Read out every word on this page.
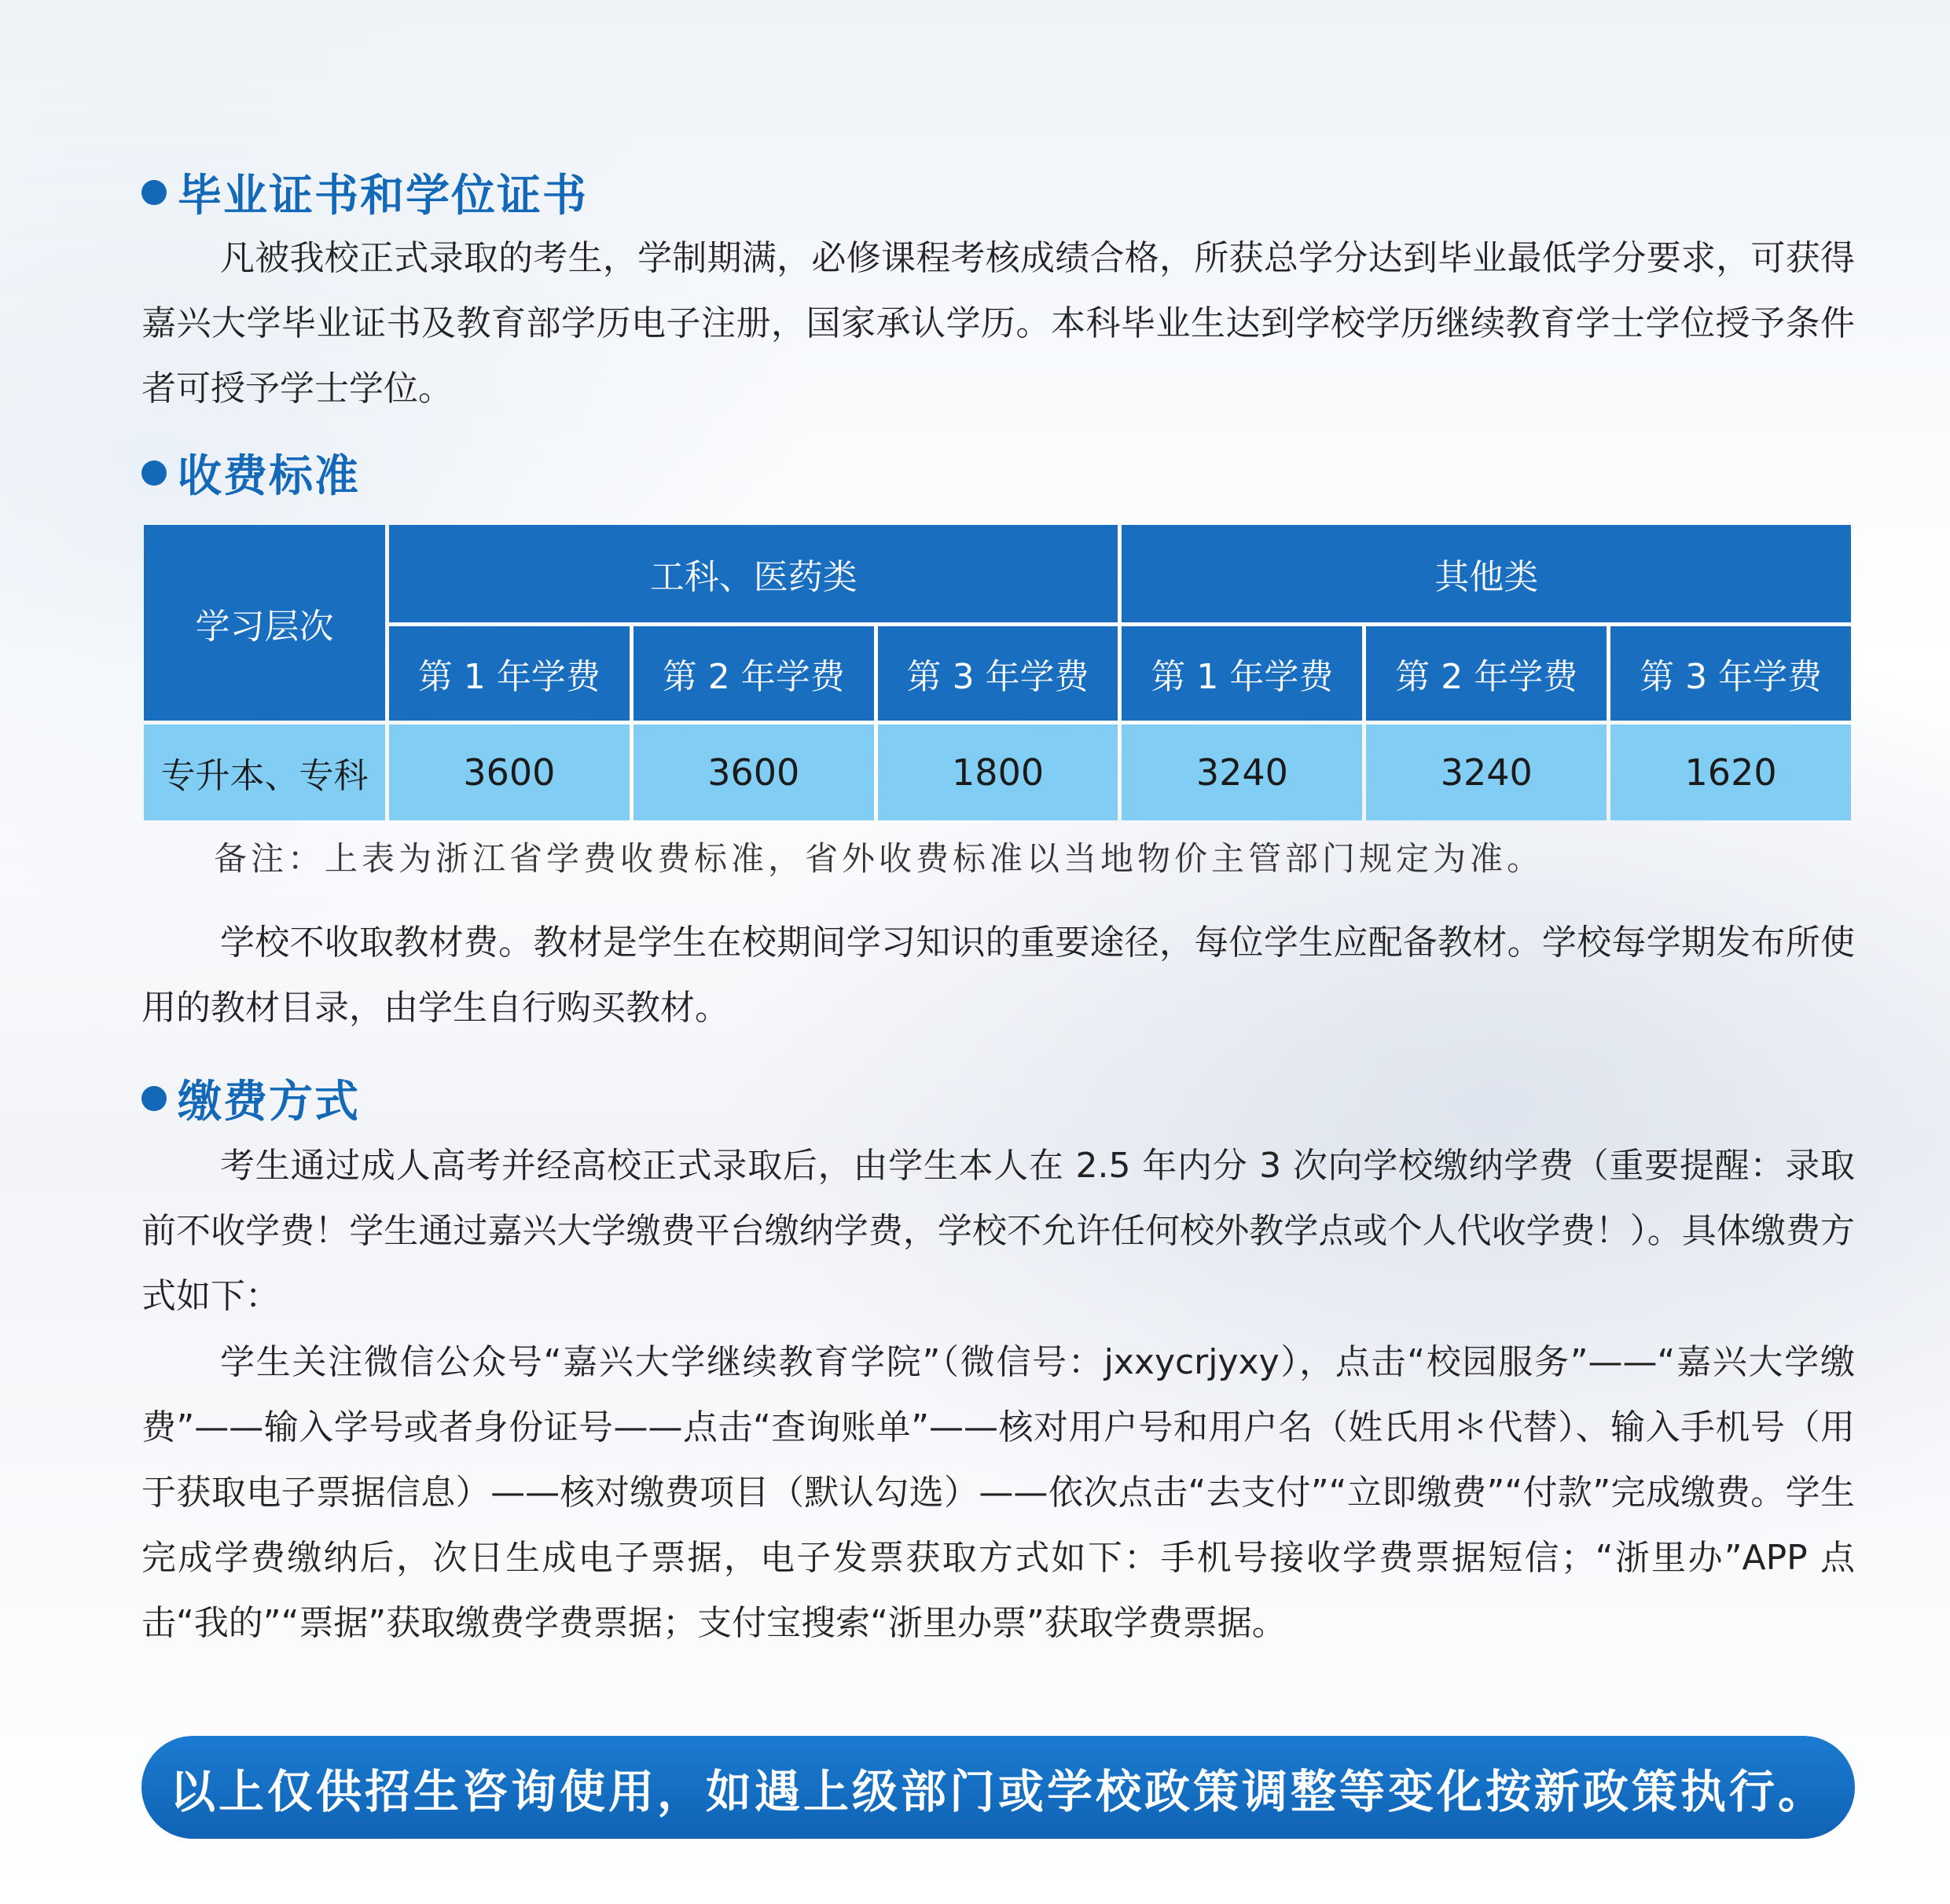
毕业证书和学位证书

凡被我校正式录取的考生，学制期满，必修课程考核成绩合格，所获总学分达到毕业最低学分要求，可获得嘉兴大学毕业证书及教育部学历电子注册，国家承认学历。本科毕业生达到学校学历继续教育学士学位授予条件者可授予学士学位。

收费标准
学习层次	工科、医药类			其他类		

	第 1 年学费	第 2 年学费	第 3 年学费	第 1 年学费	第 2 年学费	第 3 年学费

专升本、专科	3600	3600	1800	3240	3240	1620
备注：上表为浙江省学费收费标准，省外收费标准以当地物价主管部门规定为准。

学校不收取教材费。教材是学生在校期间学习知识的重要途径，每位学生应配备教材。学校每学期发布所使用的教材目录，由学生自行购买教材。

缴费方式

考生通过成人高考并经高校正式录取后，由学生本人在 2.5 年内分 3 次向学校缴纳学费（重要提醒：录取前不收学费！学生通过嘉兴大学缴费平台缴纳学费，学校不允许任何校外教学点或个人代收学费！）。具体缴费方式如下：

学生关注微信公众号“嘉兴大学继续教育学院”（微信号：jxxycrjyxy），点击“校园服务”——“嘉兴大学缴费”——输入学号或者身份证号——点击“查询账单”——核对用户号和用户名（姓氏用＊代替）、输入手机号（用于获取电子票据信息）——核对缴费项目（默认勾选）——依次点击“去支付”“立即缴费”“付款”完成缴费。学生完成学费缴纳后，次日生成电子票据，电子发票获取方式如下：手机号接收学费票据短信；“浙里办”APP 点击“我的”“票据”获取缴费学费票据；支付宝搜索“浙里办票”获取学费票据。

以上仅供招生咨询使用，如遇上级部门或学校政策调整等变化按新政策执行。
